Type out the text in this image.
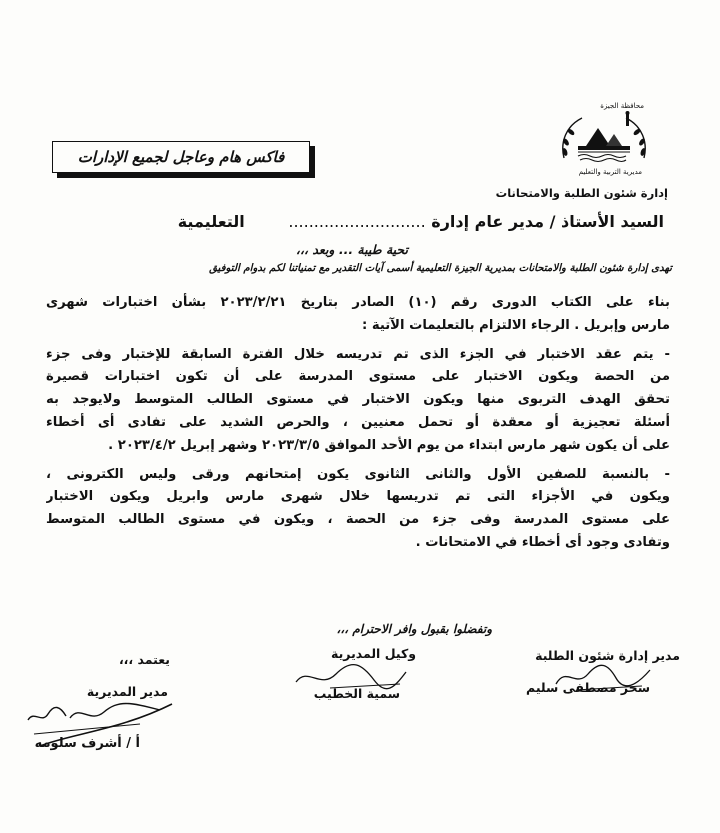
محافظة الجيزة
مديرية التربية والتعليم
إدارة شئون الطلبة والامتحانات
فاكس هام وعاجل لجميع الإدارات
السيد الأستاذ / مدير عام إدارة ........................... التعليمية
تحية طيبة ... وبعد ،،،
تهدى إدارة شئون الطلبة والامتحانات بمديرية الجيزة التعليمية أسمى آيات التقدير مع تمنياتنا لكم بدوام التوفيق
بناء على الكتاب الدورى رقم (١٠) الصادر بتاريخ ٢٠٢٣/٢/٢١ بشأن اختبارات شهرى
مارس وإبريل . الرجاء الالتزام بالتعليمات الآتية :
- يتم عقد الاختبار في الجزء الذى تم تدريسه خلال الفترة السابقة للإختبار وفى جزء
من الحصة ويكون الاختبار على مستوى المدرسة على أن تكون اختبارات قصيرة
تحقق الهدف التربوى منها ويكون الاختبار في مستوى الطالب المتوسط ولايوجد به
أسئلة تعجيزية أو معقدة أو تحمل معنيين ، والحرص الشديد على تفادى أى أخطاء
على أن يكون شهر مارس ابتداء من يوم الأحد الموافق ٢٠٢٣/٣/٥ وشهر إبريل ٢٠٢٣/٤/٢ .
- بالنسبة للصفين الأول والثانى الثانوى يكون إمتحانهم ورقى وليس الكترونى ،
ويكون في الأجزاء التى تم تدريسها خلال شهرى مارس وابريل ويكون الاختبار
على مستوى المدرسة وفى جزء من الحصة ، ويكون في مستوى الطالب المتوسط
وتفادى وجود أى أخطاء في الامتحانات .
وتفضلوا بقبول وافر الاحترام ،،،
مدير إدارة شئون الطلبة
سحر مصطفى سليم
وكيل المديرية
سمية الخطيب
يعتمد ،،،
مدير المديرية
أ / أشرف سلومه
